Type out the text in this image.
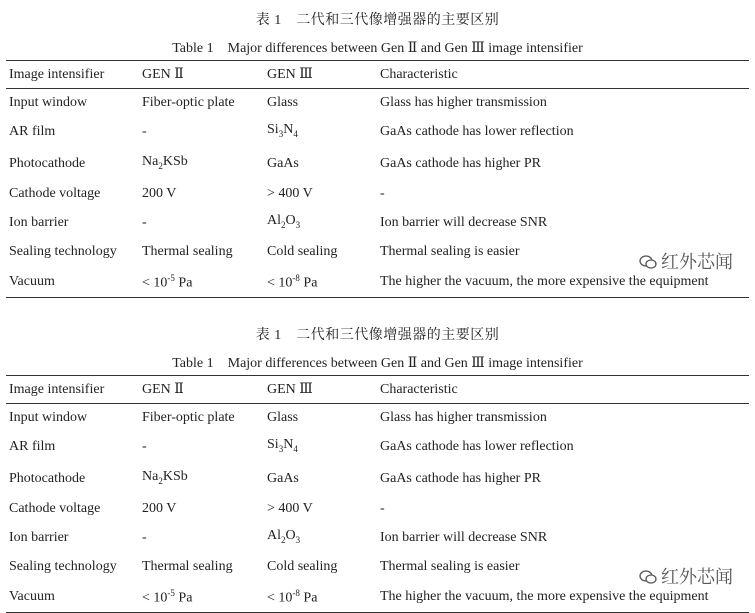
表 1　二代和三代像增强器的主要区别
Table 1　Major differences between Gen Ⅱ and Gen Ⅲ image intensifier
Image intensifier	GEN Ⅱ	GEN Ⅲ	Characteristic
Input window	Fiber-optic plate	Glass	Glass has higher transmission
AR film	-	$Si_3N_4$	GaAs cathode has lower reflection
Photocathode	$Na_2KSb$	GaAs	GaAs cathode has higher PR
Cathode voltage	200 V	> 400 V	-
Ion barrier	-	$Al_2O_3$	Ion barrier will decrease SNR
Sealing technology	Thermal sealing	Cold sealing	Thermal sealing is easier
Vacuum	< $10^{-5}$ Pa	< $10^{-8}$ Pa	The higher the vacuum, the more expensive the equipment
红外芯闻
表 1　二代和三代像增强器的主要区别
Table 1　Major differences between Gen Ⅱ and Gen Ⅲ image intensifier
Image intensifier	GEN Ⅱ	GEN Ⅲ	Characteristic
Input window	Fiber-optic plate	Glass	Glass has higher transmission
AR film	-	$Si_3N_4$	GaAs cathode has lower reflection
Photocathode	$Na_2KSb$	GaAs	GaAs cathode has higher PR
Cathode voltage	200 V	> 400 V	-
Ion barrier	-	$Al_2O_3$	Ion barrier will decrease SNR
Sealing technology	Thermal sealing	Cold sealing	Thermal sealing is easier
Vacuum	< $10^{-5}$ Pa	< $10^{-8}$ Pa	The higher the vacuum, the more expensive the equipment
红外芯闻
